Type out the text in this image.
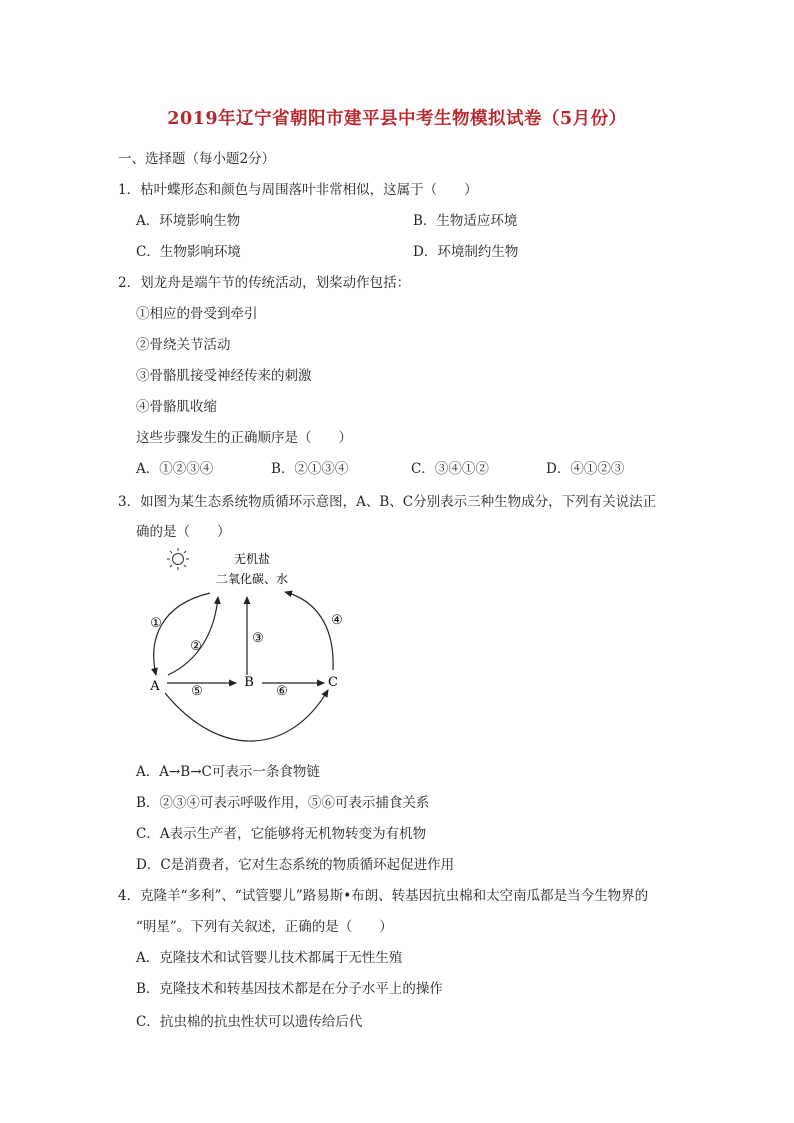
2019年辽宁省朝阳市建平县中考生物模拟试卷（5月份）
一、选择题（每小题2分）
1．枯叶蝶形态和颜色与周围落叶非常相似，这属于（　　）
A．环境影响生物	B．生物适应环境
C．生物影响环境	D．环境制约生物
2．划龙舟是端午节的传统活动，划桨动作包括：
①相应的骨受到牵引
②骨绕关节活动
③骨骼肌接受神经传来的刺激
④骨骼肌收缩
这些步骤发生的正确顺序是（　　）
A．①②③④	B．②①③④	C．③④①②	D．④①②③
3．如图为某生态系统物质循环示意图，A、B、C分别表示三种生物成分，下列有关说法正
确的是（　　）
无机盐
二氧化碳、水
A	B	C
①
②
③
④
⑤	⑥
A．A→B→C可表示一条食物链
B．②③④可表示呼吸作用，⑤⑥可表示捕食关系
C．A表示生产者，它能够将无机物转变为有机物
D．C是消费者，它对生态系统的物质循环起促进作用
4．克隆羊“多利”、“试管婴儿”路易斯•布朗、转基因抗虫棉和太空南瓜都是当今生物界的
“明星”。下列有关叙述，正确的是（　　）
A．克隆技术和试管婴儿技术都属于无性生殖
B．克隆技术和转基因技术都是在分子水平上的操作
C．抗虫棉的抗虫性状可以遗传给后代
